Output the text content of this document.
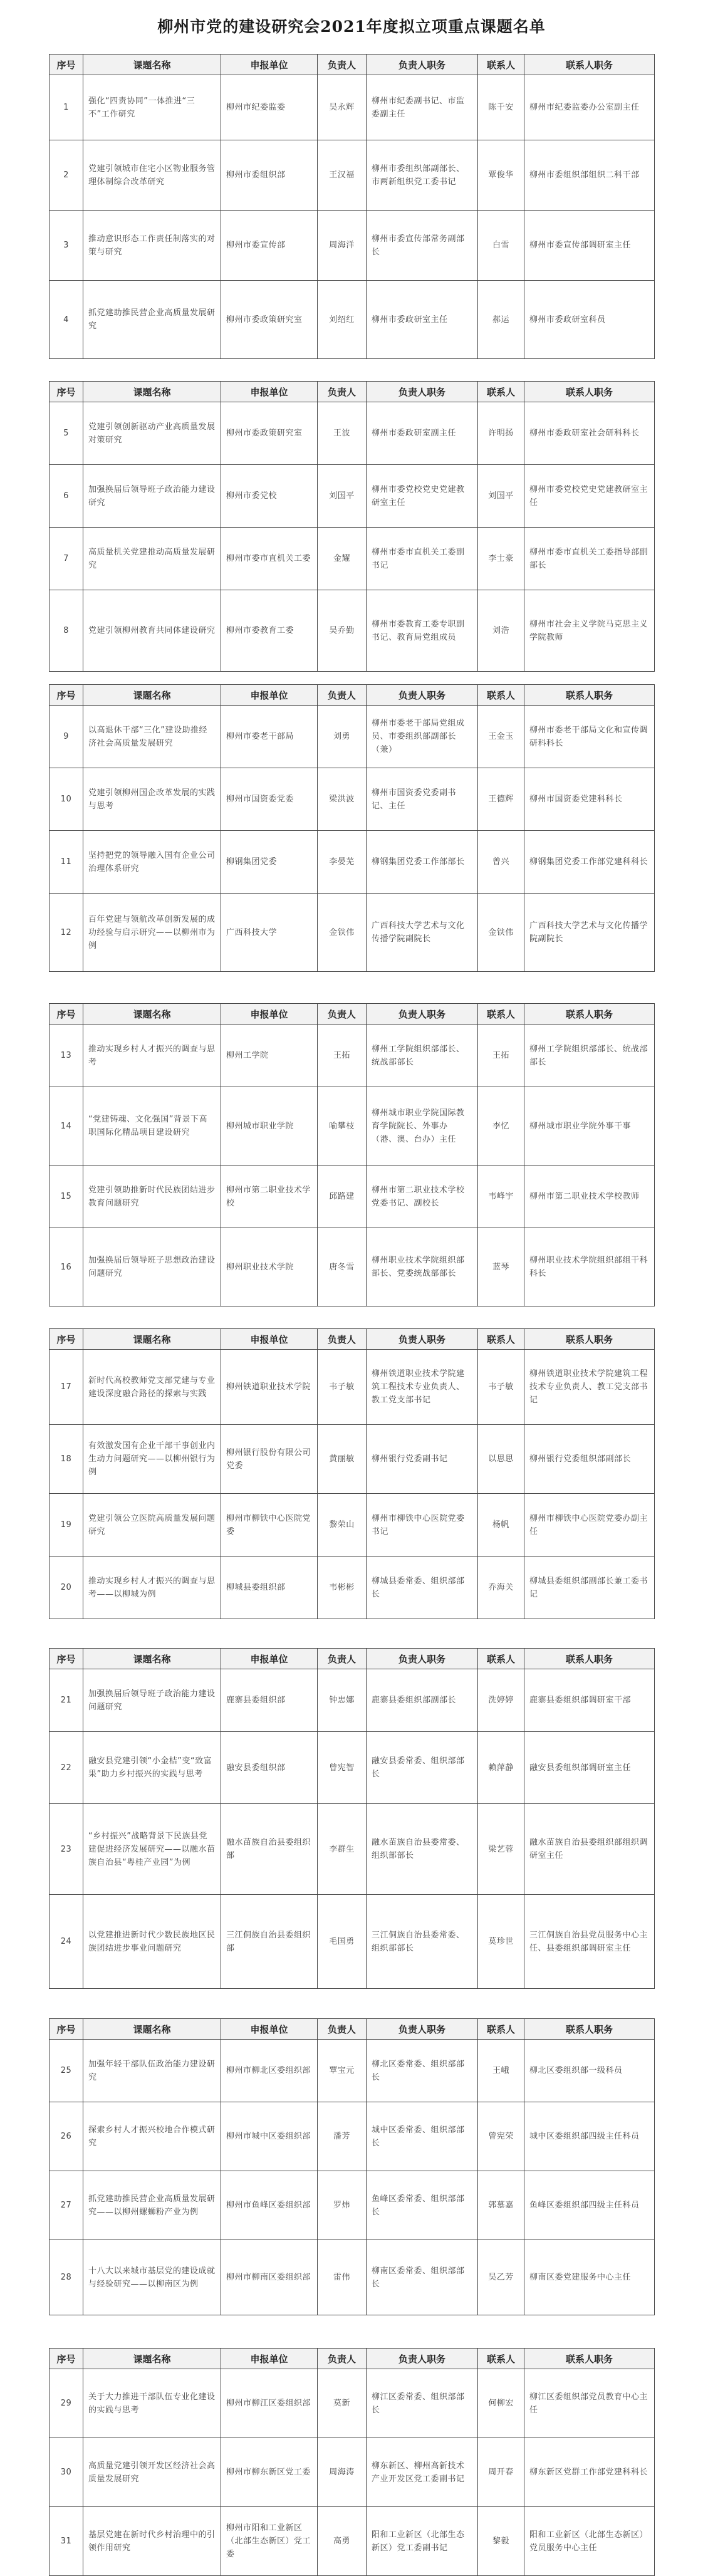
柳州市党的建设研究会2021年度拟立项重点课题名单
序号	课题名称	申报单位	负责人	负责人职务	联系人	联系人职务
1	强化“四责协同”一体推进“三不”工作研究	柳州市纪委监委	吴永辉	柳州市纪委副书记、市监委副主任	陈千安	柳州市纪委监委办公室副主任
2	党建引领城市住宅小区物业服务管理体制综合改革研究	柳州市委组织部	王汉福	柳州市委组织部副部长、市两新组织党工委书记	覃俊华	柳州市委组织部组织二科干部
3	推动意识形态工作责任制落实的对策与研究	柳州市委宣传部	周海洋	柳州市委宣传部常务副部长	白雪	柳州市委宣传部调研室主任
4	抓党建助推民营企业高质量发展研究	柳州市委政策研究室	刘绍红	柳州市委政研室主任	郝运	柳州市委政研室科员
序号	课题名称	申报单位	负责人	负责人职务	联系人	联系人职务
5	党建引领创新驱动产业高质量发展对策研究	柳州市委政策研究室	王波	柳州市委政研室副主任	许明扬	柳州市委政研室社会研科科长
6	加强换届后领导班子政治能力建设研究	柳州市委党校	刘国平	柳州市委党校党史党建教研室主任	刘国平	柳州市委党校党史党建教研室主任
7	高质量机关党建推动高质量发展研究	柳州市委市直机关工委	金耀	柳州市委市直机关工委副书记	李士豪	柳州市委市直机关工委指导部副部长
8	党建引领柳州教育共同体建设研究	柳州市委教育工委	吴乔勤	柳州市委教育工委专职副书记、教育局党组成员	刘浩	柳州市社会主义学院马克思主义学院教师
序号	课题名称	申报单位	负责人	负责人职务	联系人	联系人职务
9	以高退休干部“三化”建设助推经济社会高质量发展研究	柳州市委老干部局	刘勇	柳州市委老干部局党组成员、市委组织部副部长（兼）	王金玉	柳州市委老干部局文化和宣传调研科科长
10	党建引领柳州国企改革发展的实践与思考	柳州市国资委党委	梁洪波	柳州市国资委党委副书记、主任	王德辉	柳州市国资委党建科科长
11	坚持把党的领导融入国有企业公司治理体系研究	柳钢集团党委	李晏芜	柳钢集团党委工作部部长	曾兴	柳钢集团党委工作部党建科科长
12	百年党建与领航改革创新发展的成功经验与启示研究——以柳州市为例	广西科技大学	金铁伟	广西科技大学艺术与文化传播学院副院长	金铁伟	广西科技大学艺术与文化传播学院副院长
序号	课题名称	申报单位	负责人	负责人职务	联系人	联系人职务
13	推动实现乡村人才振兴的调查与思考	柳州工学院	王拓	柳州工学院组织部部长、统战部部长	王拓	柳州工学院组织部部长、统战部部长
14	“党建铸魂、文化强国”背景下高职国际化精品项目建设研究	柳州城市职业学院	喻攀枝	柳州城市职业学院国际教育学院院长、外事办（港、澳、台办）主任	李忆	柳州城市职业学院外事干事
15	党建引领助推新时代民族团结进步教育问题研究	柳州市第二职业技术学校	邱路建	柳州市第二职业技术学校党委书记、副校长	韦峰宇	柳州市第二职业技术学校教师
16	加强换届后领导班子思想政治建设问题研究	柳州职业技术学院	唐冬雪	柳州职业技术学院组织部部长、党委统战部部长	蓝琴	柳州职业技术学院组织部组干科科长
序号	课题名称	申报单位	负责人	负责人职务	联系人	联系人职务
17	新时代高校教师党支部党建与专业建设深度融合路径的探索与实践	柳州铁道职业技术学院	韦子敏	柳州铁道职业技术学院建筑工程技术专业负责人、教工党支部书记	韦子敏	柳州铁道职业技术学院建筑工程技术专业负责人、教工党支部书记
18	有效激发国有企业干部干事创业内生动力问题研究——以柳州银行为例	柳州银行股份有限公司党委	黄丽敏	柳州银行党委副书记	以思思	柳州银行党委组织部副部长
19	党建引领公立医院高质量发展问题研究	柳州市柳铁中心医院党委	黎荣山	柳州市柳铁中心医院党委书记	杨帆	柳州市柳铁中心医院党委办副主任
20	推动实现乡村人才振兴的调查与思考——以柳城为例	柳城县委组织部	韦彬彬	柳城县委常委、组织部部长	乔海关	柳城县委组织部副部长兼工委书记
序号	课题名称	申报单位	负责人	负责人职务	联系人	联系人职务
21	加强换届后领导班子政治能力建设问题研究	鹿寨县委组织部	钟忠娜	鹿寨县委组织部副部长	洗婷婷	鹿寨县委组织部调研室干部
22	融安县党建引领“小金桔”变“致富果”助力乡村振兴的实践与思考	融安县委组织部	曾宪智	融安县委常委、组织部部长	赖萍静	融安县委组织部调研室主任
23	“乡村振兴”战略背景下民族县党建促进经济发展研究——以融水苗族自治县“粤桂产业园”为例	融水苗族自治县委组织部	李群生	融水苗族自治县委常委、组织部部长	梁艺蓉	融水苗族自治县委组织部组织调研室主任
24	以党建推进新时代少数民族地区民族团结进步事业问题研究	三江侗族自治县委组织部	毛国勇	三江侗族自治县委常委、组织部部长	莫珍世	三江侗族自治县党员服务中心主任、县委组织部调研室主任
序号	课题名称	申报单位	负责人	负责人职务	联系人	联系人职务
25	加强年轻干部队伍政治能力建设研究	柳州市柳北区委组织部	覃宝元	柳北区委常委、组织部部长	王峨	柳北区委组织部一级科员
26	探索乡村人才振兴校地合作模式研究	柳州市城中区委组织部	潘芳	城中区委常委、组织部部长	曾宪荣	城中区委组织部四级主任科员
27	抓党建助推民营企业高质量发展研究——以柳州螺蛳粉产业为例	柳州市鱼峰区委组织部	罗炜	鱼峰区委常委、组织部部长	郭慕嘉	鱼峰区委组织部四级主任科员
28	十八大以来城市基层党的建设成就与经验研究——以柳南区为例	柳州市柳南区委组织部	雷伟	柳南区委常委、组织部部长	吴乙芳	柳南区委党建服务中心主任
序号	课题名称	申报单位	负责人	负责人职务	联系人	联系人职务
29	关于大力推进干部队伍专业化建设的实践与思考	柳州市柳江区委组织部	莫新	柳江区委常委、组织部部长	何柳宏	柳江区委组织部党员教育中心主任
30	高质量党建引领开发区经济社会高质量发展研究	柳州市柳东新区党工委	周海涛	柳东新区、柳州高新技术产业开发区党工委副书记	周开春	柳东新区党群工作部党建科科长
31	基层党建在新时代乡村治理中的引领作用研究	柳州市阳和工业新区（北部生态新区）党工委	高勇	阳和工业新区（北部生态新区）党工委副书记	黎毅	阳和工业新区（北部生态新区）党员服务中心主任
